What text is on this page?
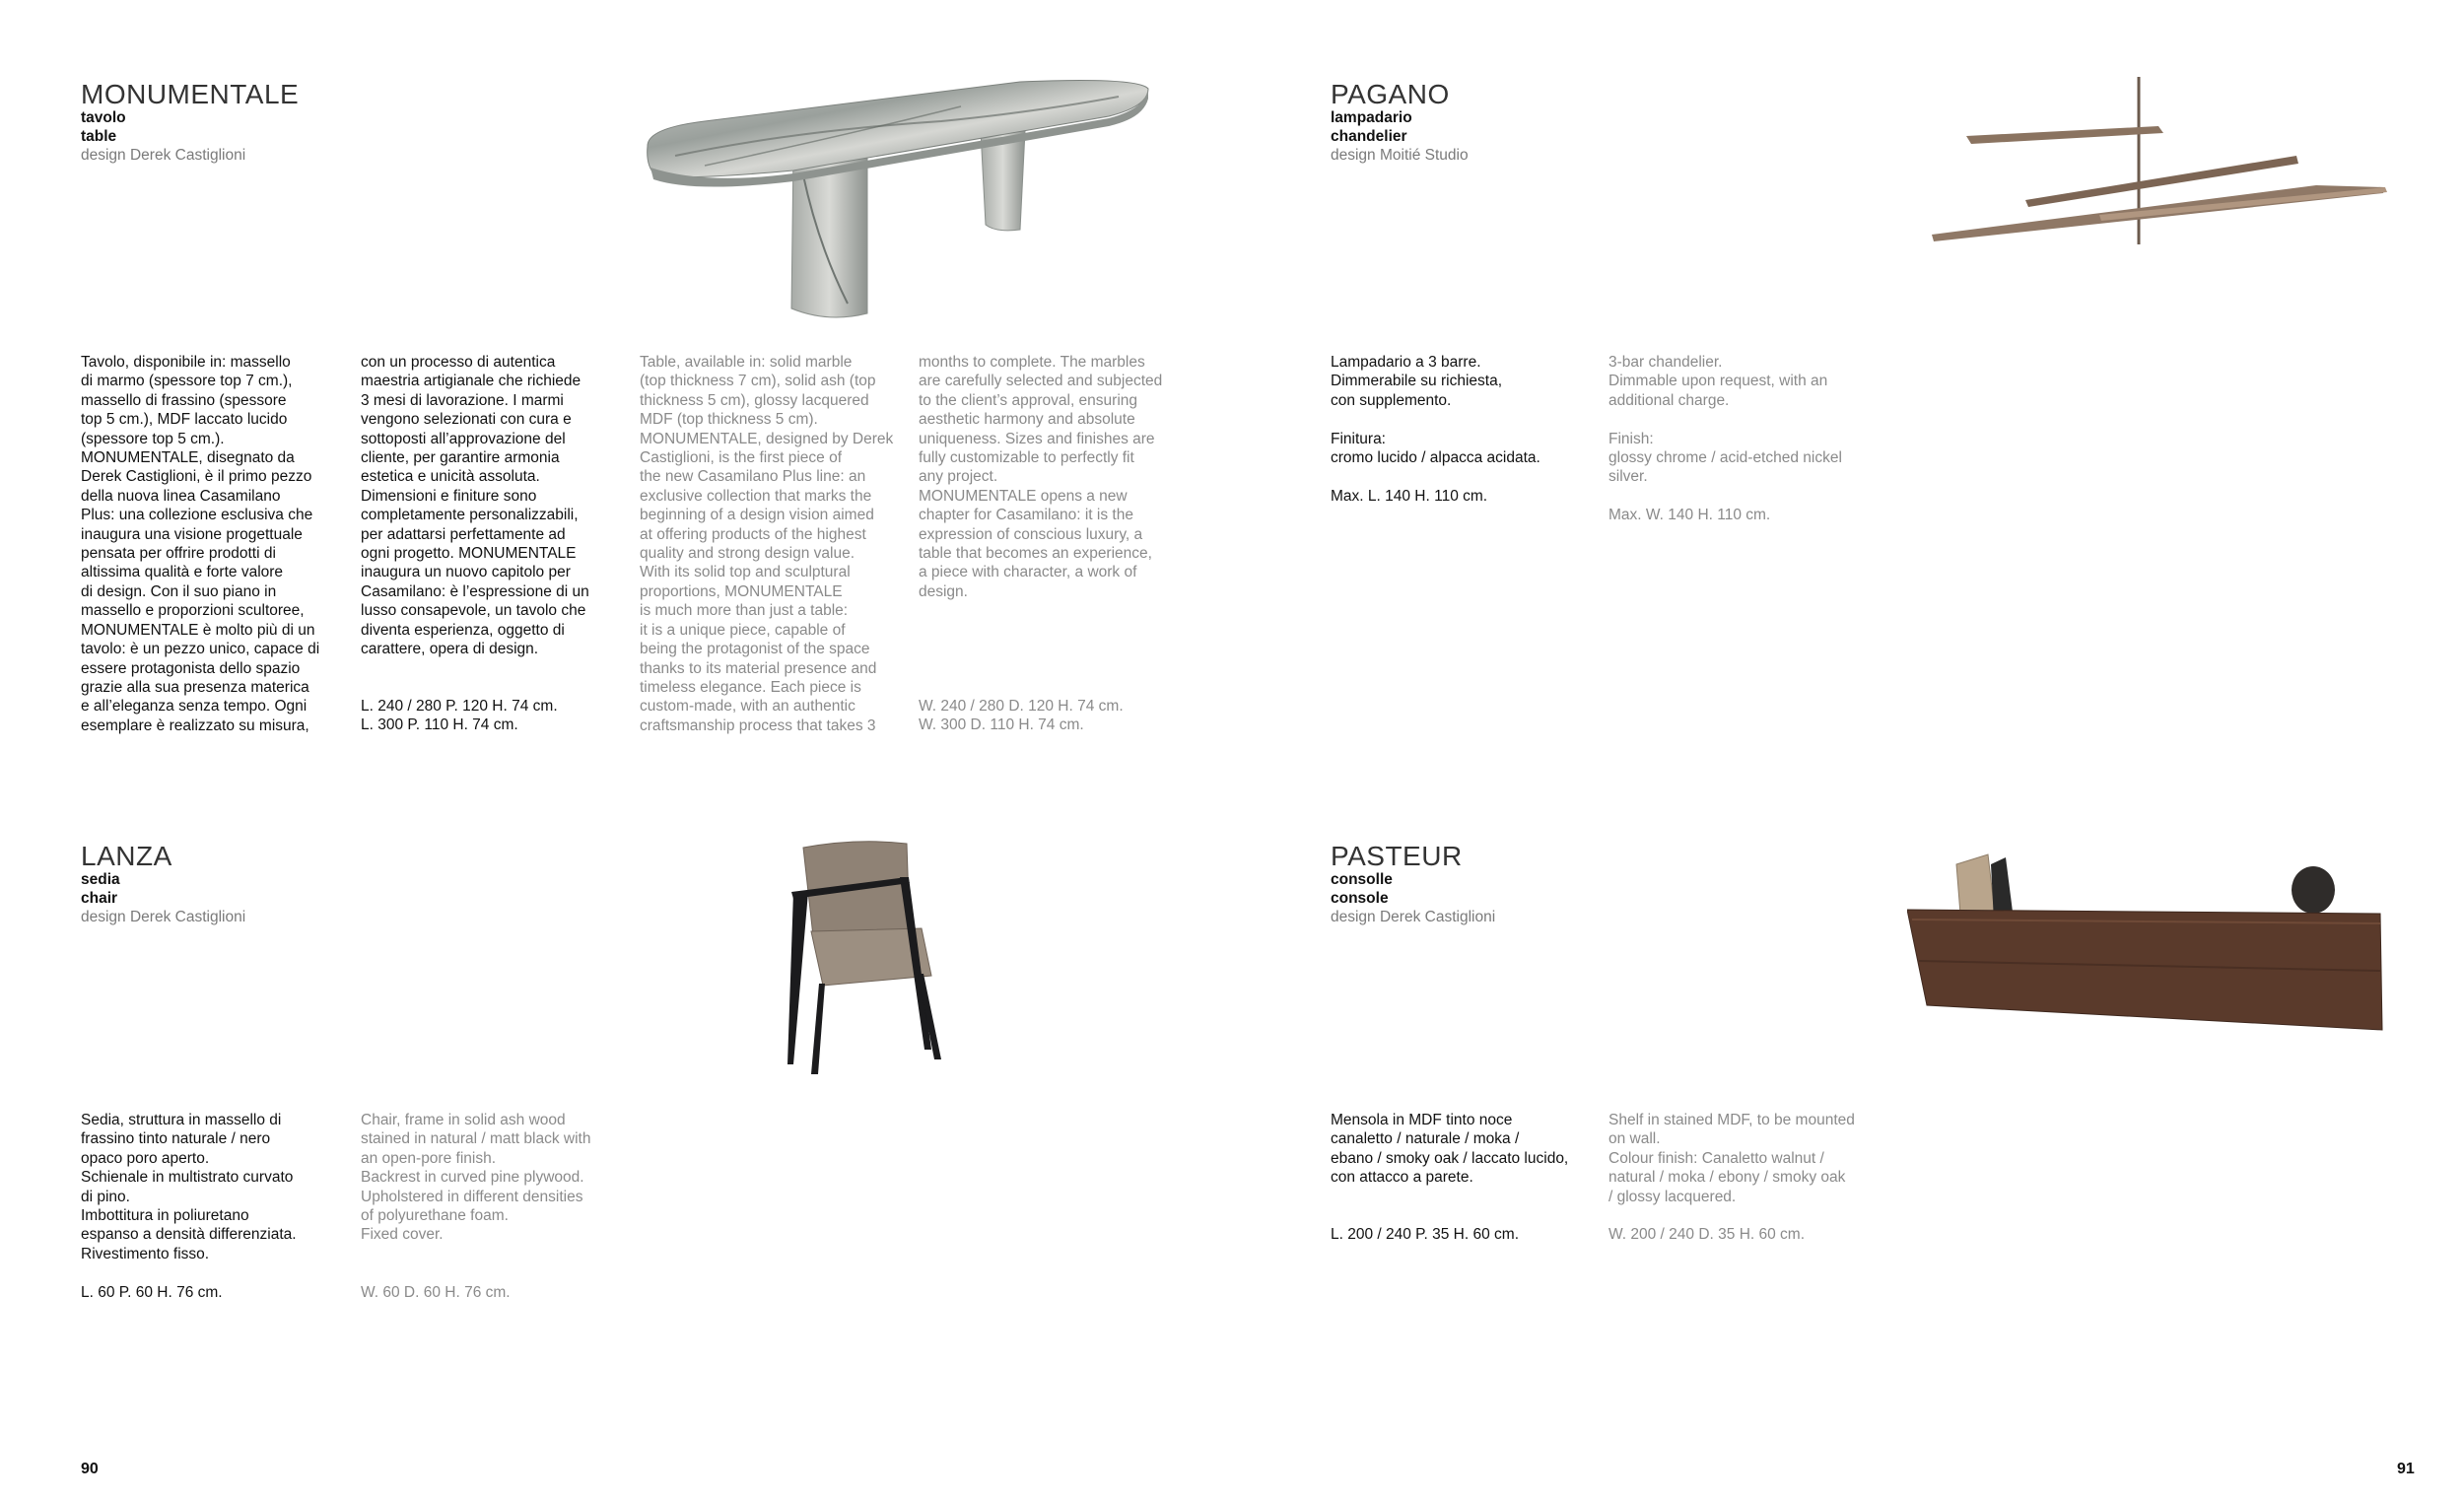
MONUMENTALE
tavolo
table
design Derek Castiglioni
Tavolo, disponibile in: massello
di marmo (spessore top 7 cm.),
massello di frassino (spessore
top 5 cm.), MDF laccato lucido
(spessore top 5 cm.).
MONUMENTALE, disegnato da
Derek Castiglioni, è il primo pezzo
della nuova linea Casamilano
Plus: una collezione esclusiva che
inaugura una visione progettuale
pensata per offrire prodotti di
altissima qualità e forte valore
di design. Con il suo piano in
massello e proporzioni scultoree,
MONUMENTALE è molto più di un
tavolo: è un pezzo unico, capace di
essere protagonista dello spazio
grazie alla sua presenza materica
e all’eleganza senza tempo. Ogni
esemplare è realizzato su misura,
con un processo di autentica
maestria artigianale che richiede
3 mesi di lavorazione. I marmi
vengono selezionati con cura e
sottoposti all’approvazione del
cliente, per garantire armonia
estetica e unicità assoluta.
Dimensioni e finiture sono
completamente personalizzabili,
per adattarsi perfettamente ad
ogni progetto. MONUMENTALE
inaugura un nuovo capitolo per
Casamilano: è l’espressione di un
lusso consapevole, un tavolo che
diventa esperienza, oggetto di
carattere, opera di design.
L. 240 / 280 P. 120 H. 74 cm.
L. 300 P. 110 H. 74 cm.
Table, available in: solid marble
(top thickness 7 cm), solid ash (top
thickness 5 cm), glossy lacquered
MDF (top thickness 5 cm).
MONUMENTALE, designed by Derek
Castiglioni, is the first piece of
the new Casamilano Plus line: an
exclusive collection that marks the
beginning of a design vision aimed
at offering products of the highest
quality and strong design value.
With its solid top and sculptural
proportions, MONUMENTALE
is much more than just a table:
it is a unique piece, capable of
being the protagonist of the space
thanks to its material presence and
timeless elegance. Each piece is
custom-made, with an authentic
craftsmanship process that takes 3
months to complete. The marbles
are carefully selected and subjected
to the client’s approval, ensuring
aesthetic harmony and absolute
uniqueness. Sizes and finishes are
fully customizable to perfectly fit
any project.
MONUMENTALE opens a new
chapter for Casamilano: it is the
expression of conscious luxury, a
table that becomes an experience,
a piece with character, a work of
design.
W. 240 / 280 D. 120 H. 74 cm.
W. 300 D. 110 H. 74 cm.
LANZA
sedia
chair
design Derek Castiglioni
Sedia, struttura in massello di
frassino tinto naturale / nero
opaco poro aperto.
Schienale in multistrato curvato
di pino.
Imbottitura in poliuretano
espanso a densità differenziata.
Rivestimento fisso.
L. 60 P. 60 H. 76 cm.
Chair, frame in solid ash wood
stained in natural / matt black with
an open-pore finish.
Backrest in curved pine plywood.
Upholstered in different densities
of polyurethane foam.
Fixed cover.
W. 60 D. 60 H. 76 cm.
90
PAGANO
lampadario
chandelier
design Moitié Studio
Lampadario a 3 barre.
Dimmerabile su richiesta,
con supplemento.

Finitura:
cromo lucido / alpacca acidata.

Max. L. 140 H. 110 cm.
3-bar chandelier.
Dimmable upon request, with an
additional charge.

Finish:
glossy chrome / acid-etched nickel
silver.

Max. W. 140 H. 110 cm.
PASTEUR
consolle
console
design Derek Castiglioni
Mensola in MDF tinto noce
canaletto / naturale / moka /
ebano / smoky oak / laccato lucido,
con attacco a parete.
L. 200 / 240 P. 35 H. 60 cm.
Shelf in stained MDF, to be mounted
on wall.
Colour finish: Canaletto walnut /
natural / moka / ebony / smoky oak
/ glossy lacquered.
W. 200 / 240 D. 35 H. 60 cm.
91
